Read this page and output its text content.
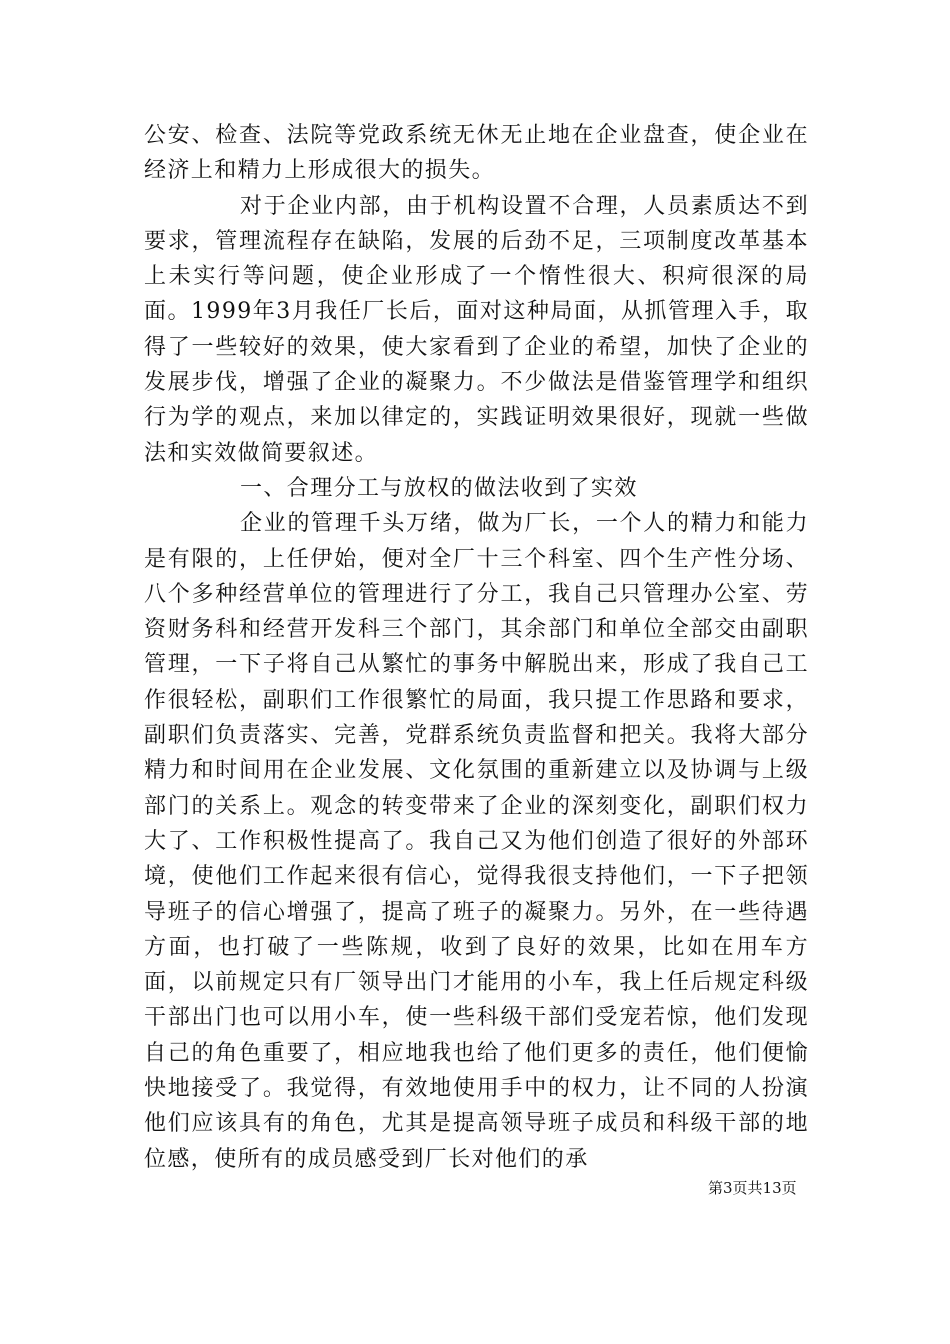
公安、检查、法院等党政系统无休无止地在企业盘查，使企业在经济上和精力上形成很大的损失。

对于企业内部，由于机构设置不合理，人员素质达不到要求，管理流程存在缺陷，发展的后劲不足，三项制度改革基本上未实行等问题，使企业形成了一个惰性很大、积疴很深的局面。1999年3月我任厂长后，面对这种局面，从抓管理入手，取得了一些较好的效果，使大家看到了企业的希望，加快了企业的发展步伐，增强了企业的凝聚力。不少做法是借鉴管理学和组织行为学的观点，来加以律定的，实践证明效果很好，现就一些做法和实效做简要叙述。

一、合理分工与放权的做法收到了实效

企业的管理千头万绪，做为厂长，一个人的精力和能力是有限的，上任伊始，便对全厂十三个科室、四个生产性分场、八个多种经营单位的管理进行了分工，我自己只管理办公室、劳资财务科和经营开发科三个部门，其余部门和单位全部交由副职管理，一下子将自己从繁忙的事务中解脱出来，形成了我自己工作很轻松，副职们工作很繁忙的局面，我只提工作思路和要求，副职们负责落实、完善，党群系统负责监督和把关。我将大部分精力和时间用在企业发展、文化氛围的重新建立以及协调与上级部门的关系上。观念的转变带来了企业的深刻变化，副职们权力大了、工作积极性提高了。我自己又为他们创造了很好的外部环境，使他们工作起来很有信心，觉得我很支持他们，一下子把领导班子的信心增强了，提高了班子的凝聚力。另外，在一些待遇方面，也打破了一些陈规，收到了良好的效果，比如在用车方面，以前规定只有厂领导出门才能用的小车，我上任后规定科级干部出门也可以用小车，使一些科级干部们受宠若惊，他们发现自己的角色重要了，相应地我也给了他们更多的责任，他们便愉快地接受了。我觉得，有效地使用手中的权力，让不同的人扮演他们应该具有的角色，尤其是提高领导班子成员和科级干部的地位感，使所有的成员感受到厂长对他们的承

第3页共13页
